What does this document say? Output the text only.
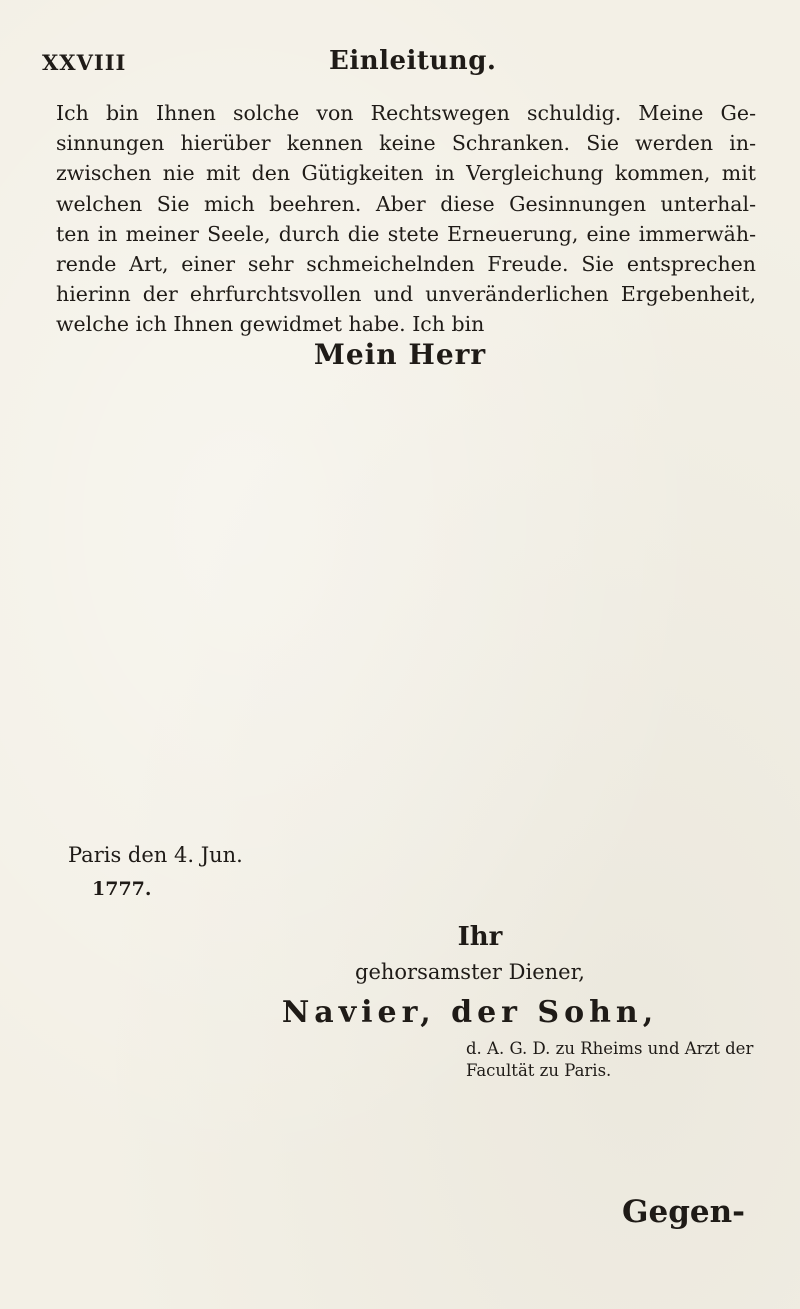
XXVIII	Einleitung.
Ich bin Ihnen solche von Rechtswegen schuldig. Meine Ge-
sinnungen hierüber kennen keine Schranken. Sie werden in-
zwischen nie mit den Gütigkeiten in Vergleichung kommen, mit
welchen Sie mich beehren. Aber diese Gesinnungen unterhal-
ten in meiner Seele, durch die stete Erneuerung, eine immerwäh-
rende Art, einer sehr schmeichelnden Freude. Sie entsprechen
hierinn der ehrfurchtsvollen und unveränderlichen Ergebenheit,
welche ich Ihnen gewidmet habe. Ich bin
Mein Herr
Paris den 4. Jun.
1777.
Ihr
gehorsamster Diener,
Navier, der Sohn,
d. A. G. D. zu Rheims und Arzt der
Facultät zu Paris.
Gegen-
